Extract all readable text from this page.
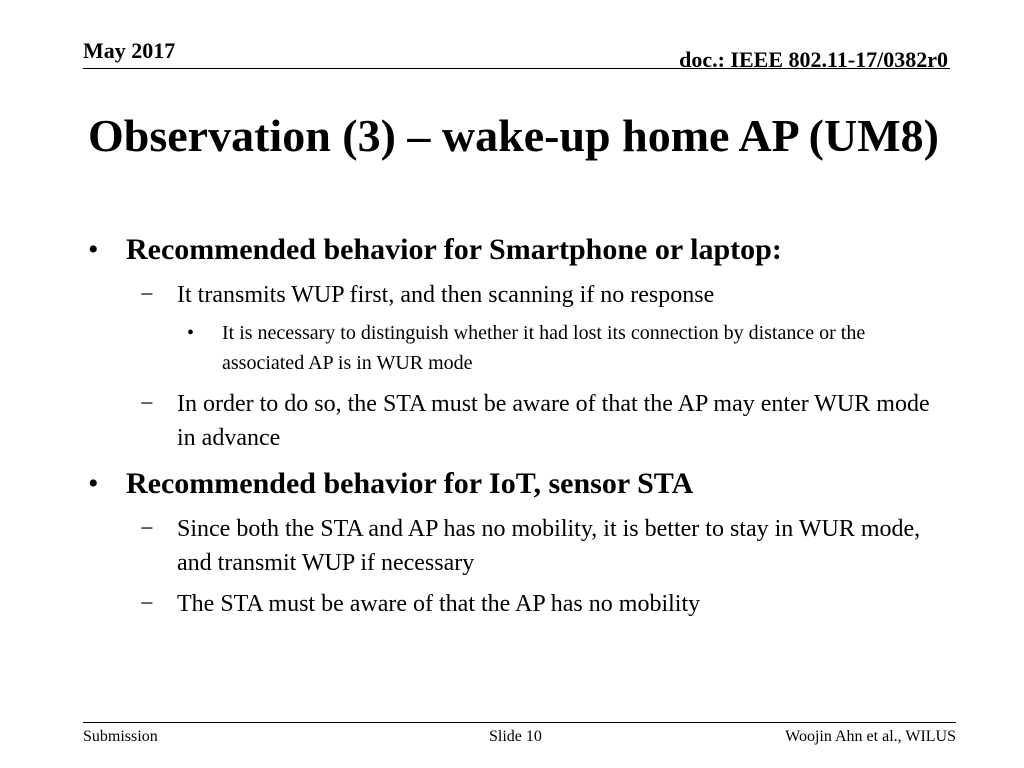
May 2017	doc.: IEEE 802.11-17/0382r0
Observation (3) – wake-up home AP (UM8)
• Recommended behavior for Smartphone or laptop:
− It transmits WUP first, and then scanning if no response
• It is necessary to distinguish whether it had lost its connection by distance or the associated AP is in WUR mode
− In order to do so, the STA must be aware of that the AP may enter WUR mode in advance
• Recommended behavior for IoT, sensor STA
− Since both the STA and AP has no mobility, it is better to stay in WUR mode, and transmit WUP if necessary
− The STA must be aware of that the AP has no mobility
Submission	Slide 10	Woojin Ahn et al., WILUS
